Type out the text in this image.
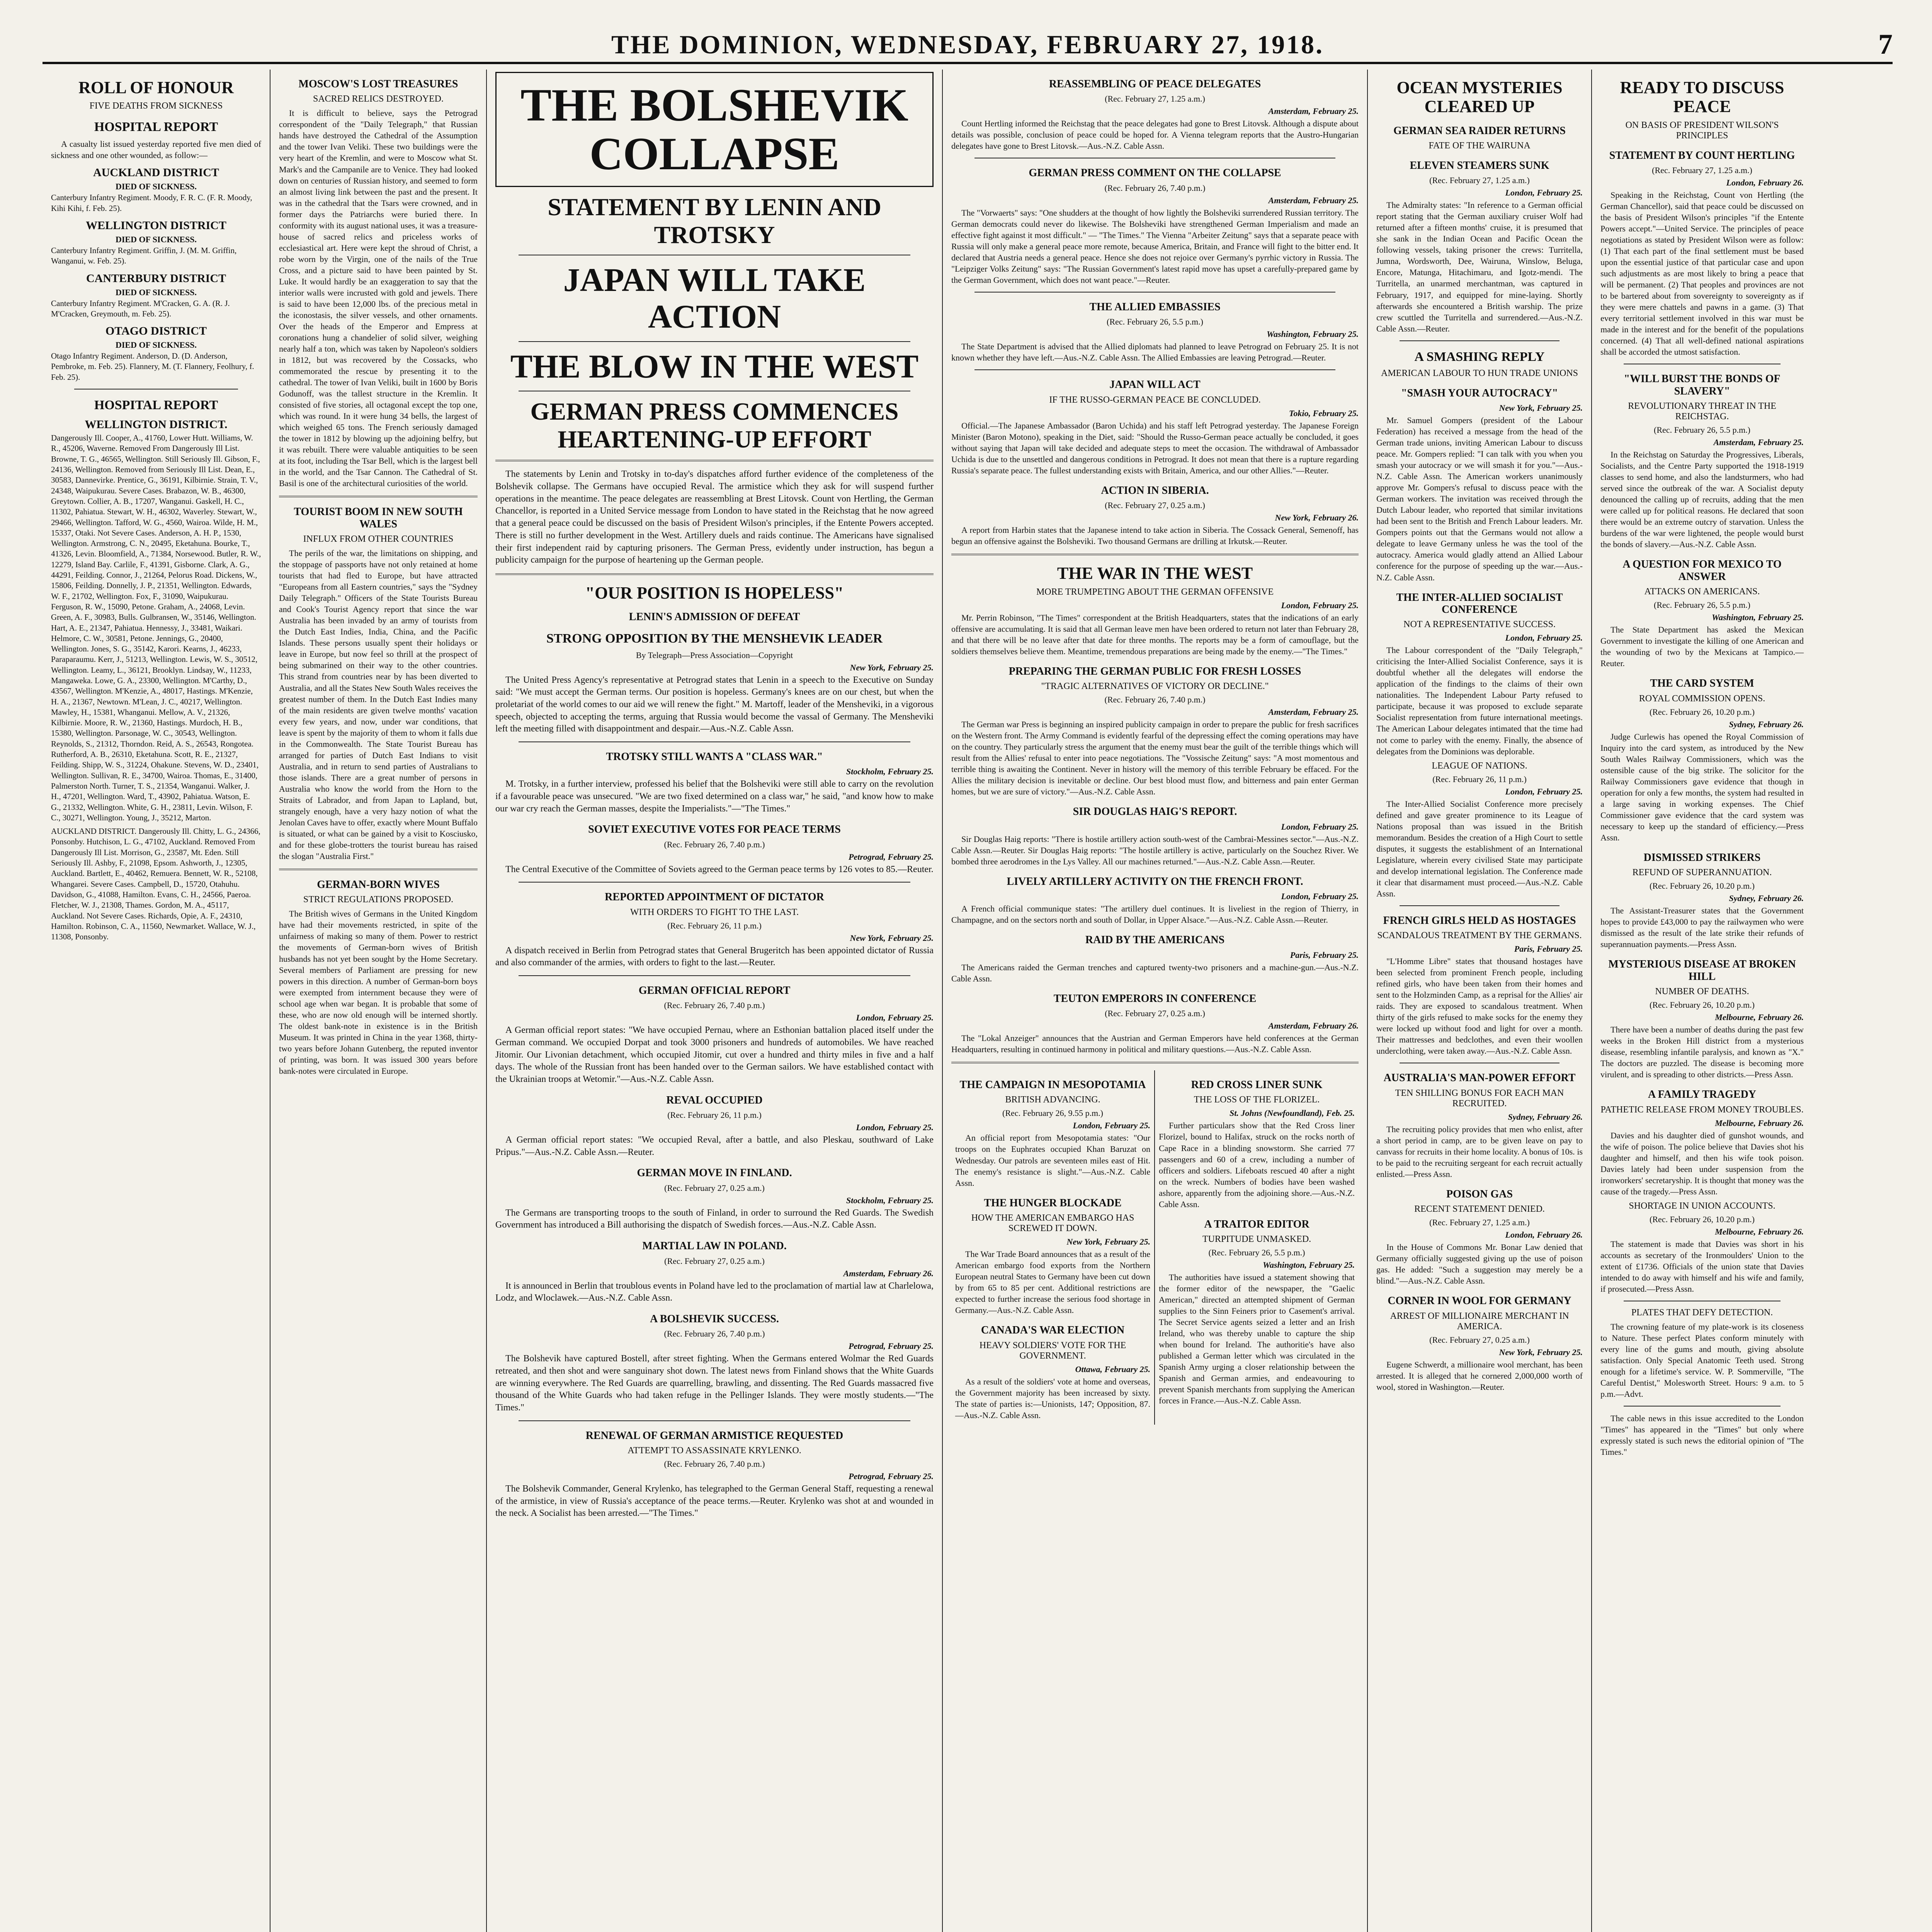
THE DOMINION, WEDNESDAY, FEBRUARY 27, 1918.	7
ROLL OF HONOUR
FIVE DEATHS FROM SICKNESS
HOSPITAL REPORT

A casualty list issued yesterday reported five men died of sickness and one other wounded, as follow:—

AUCKLAND DISTRICT
DIED OF SICKNESS.
Canterbury Infantry Regiment. Moody, F. R. C. (F. R. Moody, Kihi Kihi, f. Feb. 25).
WELLINGTON DISTRICT
DIED OF SICKNESS.
Canterbury Infantry Regiment. Griffin, J. (M. M. Griffin, Wanganui, w. Feb. 25).
CANTERBURY DISTRICT
DIED OF SICKNESS.
Canterbury Infantry Regiment. M'Cracken, G. A. (R. J. M'Cracken, Greymouth, m. Feb. 25).
OTAGO DISTRICT
DIED OF SICKNESS.
Otago Infantry Regiment. Anderson, D. (D. Anderson, Pembroke, m. Feb. 25). Flannery, M. (T. Flannery, Feolhury, f. Feb. 25).
HOSPITAL REPORT
WELLINGTON DISTRICT.
Dangerously Ill. Cooper, A., 41760, Lower Hutt. Williams, W. R., 45206, Waverne. Removed From Dangerously Ill List. Browne, T. G., 46565, Wellington. Still Seriously Ill. Gibson, F., 24136, Wellington. Removed from Seriously Ill List. Dean, E., 30583, Dannevirke. Prentice, G., 36191, Kilbirnie. Strain, T. V., 24348, Waipukurau. Severe Cases. Brabazon, W. B., 46300, Greytown. Collier, A. B., 17207, Wanganui. Gaskell, H. C., 11302, Pahiatua. Stewart, W. H., 46302, Waverley. Stewart, W., 29466, Wellington. Tafford, W. G., 4560, Wairoa. Wilde, H. M., 15337, Otaki. Not Severe Cases. Anderson, A. H. P., 1530, Wellington. Armstrong, C. N., 20495, Eketahuna. Bourke, T., 41326, Levin. Bloomfield, A., 71384, Norsewood. Butler, R. W., 12279, Island Bay. Carlile, F., 41391, Gisborne. Clark, A. G., 44291, Feilding. Connor, J., 21264, Pelorus Road. Dickens, W., 15806, Feilding. Donnelly, J. P., 21351, Wellington. Edwards, W. F., 21702, Wellington. Fox, F., 31090, Waipukurau. Ferguson, R. W., 15090, Petone. Graham, A., 24068, Levin. Green, A. F., 30983, Bulls. Gulbransen, W., 35146, Wellington. Hart, A. E., 21347, Pahiatua. Hennessy, J., 33481, Waikari. Helmore, C. W., 30581, Petone. Jennings, G., 20400, Wellington. Jones, S. G., 35142, Karori. Kearns, J., 46233, Paraparaumu. Kerr, J., 51213, Wellington. Lewis, W. S., 30512, Wellington. Leamy, L., 36121, Brooklyn. Lindsay, W., 11233, Mangaweka. Lowe, G. A., 23300, Wellington. M'Carthy, D., 43567, Wellington. M'Kenzie, A., 48017, Hastings. M'Kenzie, H. A., 21367, Newtown. M'Lean, J. C., 40217, Wellington. Mawley, H., 15381, Whanganui. Mellow, A. V., 21326, Kilbirnie. Moore, R. W., 21360, Hastings. Murdoch, H. B., 15380, Wellington. Parsonage, W. C., 30543, Wellington. Reynolds, S., 21312, Thorndon. Reid, A. S., 26543, Rongotea. Rutherford, A. B., 26310, Eketahuna. Scott, R. E., 21327, Feilding. Shipp, W. S., 31224, Ohakune. Stevens, W. D., 23401, Wellington. Sullivan, R. E., 34700, Wairoa. Thomas, E., 31400, Palmerston North. Turner, T. S., 21354, Wanganui. Walker, J. H., 47201, Wellington. Ward, T., 43902, Pahiatua. Watson, E. G., 21332, Wellington. White, G. H., 23811, Levin. Wilson, F. C., 30271, Wellington. Young, J., 35212, Marton.
AUCKLAND DISTRICT. Dangerously Ill. Chitty, L. G., 24366, Ponsonby. Hutchison, L. G., 47102, Auckland. Removed From Dangerously Ill List. Morrison, G., 23587, Mt. Eden. Still Seriously Ill. Ashby, F., 21098, Epsom. Ashworth, J., 12305, Auckland. Bartlett, E., 40462, Remuera. Bennett, W. R., 52108, Whangarei. Severe Cases. Campbell, D., 15720, Otahuhu. Davidson, G., 41088, Hamilton. Evans, C. H., 24566, Paeroa. Fletcher, W. J., 21308, Thames. Gordon, M. A., 45117, Auckland. Not Severe Cases. Richards, Opie, A. F., 24310, Hamilton. Robinson, C. A., 11560, Newmarket. Wallace, W. J., 11308, Ponsonby.
MOSCOW'S LOST TREASURES
SACRED RELICS DESTROYED.

It is difficult to believe, says the Petrograd correspondent of the "Daily Telegraph," that Russian hands have destroyed the Cathedral of the Assumption and the tower Ivan Veliki. These two buildings were the very heart of the Kremlin, and were to Moscow what St. Mark's and the Campanile are to Venice. They had looked down on centuries of Russian history, and seemed to form an almost living link between the past and the present. It was in the cathedral that the Tsars were crowned, and in former days the Patriarchs were buried there. In conformity with its august national uses, it was a treasure-house of sacred relics and priceless works of ecclesiastical art. Here were kept the shroud of Christ, a robe worn by the Virgin, one of the nails of the True Cross, and a picture said to have been painted by St. Luke. It would hardly be an exaggeration to say that the interior walls were incrusted with gold and jewels. There is said to have been 12,000 lbs. of the precious metal in the iconostasis, the silver vessels, and other ornaments. Over the heads of the Emperor and Empress at coronations hung a chandelier of solid silver, weighing nearly half a ton, which was taken by Napoleon's soldiers in 1812, but was recovered by the Cossacks, who commemorated the rescue by presenting it to the cathedral. The tower of Ivan Veliki, built in 1600 by Boris Godunoff, was the tallest structure in the Kremlin. It consisted of five stories, all octagonal except the top one, which was round. In it were hung 34 bells, the largest of which weighed 65 tons. The French seriously damaged the tower in 1812 by blowing up the adjoining belfry, but it was rebuilt. There were valuable antiquities to be seen at its foot, including the Tsar Bell, which is the largest bell in the world, and the Tsar Cannon. The Cathedral of St. Basil is one of the architectural curiosities of the world.

TOURIST BOOM IN NEW SOUTH WALES
INFLUX FROM OTHER COUNTRIES

The perils of the war, the limitations on shipping, and the stoppage of passports have not only retained at home tourists that had fled to Europe, but have attracted "Europeans from all Eastern countries," says the "Sydney Daily Telegraph." Officers of the State Tourists Bureau and Cook's Tourist Agency report that since the war Australia has been invaded by an army of tourists from the Dutch East Indies, India, China, and the Pacific Islands. These persons usually spent their holidays or leave in Europe, but now feel so thrill at the prospect of being submarined on their way to the other countries. This strand from countries near by has been diverted to Australia, and all the States New South Wales receives the greatest number of them. In the Dutch East Indies many of the main residents are given twelve months' vacation every few years, and now, under war conditions, that leave is spent by the majority of them to whom it falls due in the Commonwealth. The State Tourist Bureau has arranged for parties of Dutch East Indians to visit Australia, and in return to send parties of Australians to those islands. There are a great number of persons in Australia who know the world from the Horn to the Straits of Labrador, and from Japan to Lapland, but, strangely enough, have a very hazy notion of what the Jenolan Caves have to offer, exactly where Mount Buffalo is situated, or what can be gained by a visit to Kosciusko, and for these globe-trotters the tourist bureau has raised the slogan "Australia First."

GERMAN-BORN WIVES
STRICT REGULATIONS PROPOSED.

The British wives of Germans in the United Kingdom have had their movements restricted, in spite of the unfairness of making so many of them. Power to restrict the movements of German-born wives of British husbands has not yet been sought by the Home Secretary. Several members of Parliament are pressing for new powers in this direction. A number of German-born boys were exempted from internment because they were of school age when war began. It is probable that some of these, who are now old enough will be interned shortly. The oldest bank-note in existence is in the British Museum. It was printed in China in the year 1368, thirty-two years before Johann Gutenberg, the reputed inventor of printing, was born. It was issued 300 years before bank-notes were circulated in Europe.

THE BOLSHEVIK COLLAPSE
STATEMENT BY LENIN AND TROTSKY
JAPAN WILL TAKE ACTION
THE BLOW IN THE WEST
GERMAN PRESS COMMENCES HEARTENING-UP EFFORT

The statements by Lenin and Trotsky in to-day's dispatches afford further evidence of the completeness of the Bolshevik collapse. The Germans have occupied Reval. The armistice which they ask for will suspend further operations in the meantime. The peace delegates are reassembling at Brest Litovsk. Count von Hertling, the German Chancellor, is reported in a United Service message from London to have stated in the Reichstag that he now agreed that a general peace could be discussed on the basis of President Wilson's principles, if the Entente Powers accepted. There is still no further development in the West. Artillery duels and raids continue. The Americans have signalised their first independent raid by capturing prisoners. The German Press, evidently under instruction, has begun a publicity campaign for the purpose of heartening up the German people.

"OUR POSITION IS HOPELESS"
LENIN'S ADMISSION OF DEFEAT
STRONG OPPOSITION BY THE MENSHEVIK LEADER
By Telegraph—Press Association—Copyright
New York, February 25.

The United Press Agency's representative at Petrograd states that Lenin in a speech to the Executive on Sunday said: "We must accept the German terms. Our position is hopeless. Germany's knees are on our chest, but when the proletariat of the world comes to our aid we will renew the fight." M. Martoff, leader of the Mensheviki, in a vigorous speech, objected to accepting the terms, arguing that Russia would become the vassal of Germany. The Mensheviki left the meeting filled with disappointment and despair.—Aus.-N.Z. Cable Assn.

TROTSKY STILL WANTS A "CLASS WAR."
Stockholm, February 25.

M. Trotsky, in a further interview, professed his belief that the Bolsheviki were still able to carry on the revolution if a favourable peace was unsecured. "We are two fixed determined on a class war," he said, "and know how to make our war cry reach the German masses, despite the Imperialists."—"The Times."

SOVIET EXECUTIVE VOTES FOR PEACE TERMS
(Rec. February 26, 7.40 p.m.)
Petrograd, February 25.

The Central Executive of the Committee of Soviets agreed to the German peace terms by 126 votes to 85.—Reuter.

REPORTED APPOINTMENT OF DICTATOR
WITH ORDERS TO FIGHT TO THE LAST.
(Rec. February 26, 11 p.m.)
New York, February 25.

A dispatch received in Berlin from Petrograd states that General Brugeritch has been appointed dictator of Russia and also commander of the armies, with orders to fight to the last.—Reuter.

GERMAN OFFICIAL REPORT
(Rec. February 26, 7.40 p.m.)
London, February 25.

A German official report states: "We have occupied Pernau, where an Esthonian battalion placed itself under the German command. We occupied Dorpat and took 3000 prisoners and hundreds of automobiles. We have reached Jitomir. Our Livonian detachment, which occupied Jitomir, cut over a hundred and thirty miles in five and a half days. The whole of the Russian front has been handed over to the German sailors. We have established contact with the Ukrainian troops at Wetomir."—Aus.-N.Z. Cable Assn.

REVAL OCCUPIED
(Rec. February 26, 11 p.m.)
London, February 25.

A German official report states: "We occupied Reval, after a battle, and also Pleskau, southward of Lake Pripus."—Aus.-N.Z. Cable Assn.—Reuter.

GERMAN MOVE IN FINLAND.
(Rec. February 27, 0.25 a.m.)
Stockholm, February 25.

The Germans are transporting troops to the south of Finland, in order to surround the Red Guards. The Swedish Government has introduced a Bill authorising the dispatch of Swedish forces.—Aus.-N.Z. Cable Assn.

MARTIAL LAW IN POLAND.
(Rec. February 27, 0.25 a.m.)
Amsterdam, February 26.

It is announced in Berlin that troublous events in Poland have led to the proclamation of martial law at Charlelowa, Lodz, and Wloclawek.—Aus.-N.Z. Cable Assn.

A BOLSHEVIK SUCCESS.
(Rec. February 26, 7.40 p.m.)
Petrograd, February 25.

The Bolshevik have captured Bostell, after street fighting. When the Germans entered Wolmar the Red Guards retreated, and then shot and were sanguinary shot down. The latest news from Finland shows that the White Guards are winning everywhere. The Red Guards are quarrelling, brawling, and dissenting. The Red Guards massacred five thousand of the White Guards who had taken refuge in the Pellinger Islands. They were mostly students.—"The Times."

RENEWAL OF GERMAN ARMISTICE REQUESTED
ATTEMPT TO ASSASSINATE KRYLENKO.
(Rec. February 26, 7.40 p.m.)
Petrograd, February 25.

The Bolshevik Commander, General Krylenko, has telegraphed to the German General Staff, requesting a renewal of the armistice, in view of Russia's acceptance of the peace terms.—Reuter. Krylenko was shot at and wounded in the neck. A Socialist has been arrested.—"The Times."

REASSEMBLING OF PEACE DELEGATES
(Rec. February 27, 1.25 a.m.)
Amsterdam, February 25.

Count Hertling informed the Reichstag that the peace delegates had gone to Brest Litovsk. Although a dispute about details was possible, conclusion of peace could be hoped for. A Vienna telegram reports that the Austro-Hungarian delegates have gone to Brest Litovsk.—Aus.-N.Z. Cable Assn.

GERMAN PRESS COMMENT ON THE COLLAPSE
(Rec. February 26, 7.40 p.m.)
Amsterdam, February 25.

The "Vorwaerts" says: "One shudders at the thought of how lightly the Bolsheviki surrendered Russian territory. The German democrats could never do likewise. The Bolsheviki have strengthened German Imperialism and made an effective fight against it most difficult." — "The Times." The Vienna "Arbeiter Zeitung" says that a separate peace with Russia will only make a general peace more remote, because America, Britain, and France will fight to the bitter end. It declared that Austria needs a general peace. Hence she does not rejoice over Germany's pyrrhic victory in Russia. The "Leipziger Volks Zeitung" says: "The Russian Government's latest rapid move has upset a carefully-prepared game by the German Government, which does not want peace."—Reuter.

THE ALLIED EMBASSIES
(Rec. February 26, 5.5 p.m.)
Washington, February 25.

The State Department is advised that the Allied diplomats had planned to leave Petrograd on February 25. It is not known whether they have left.—Aus.-N.Z. Cable Assn. The Allied Embassies are leaving Petrograd.—Reuter.

JAPAN WILL ACT
IF THE RUSSO-GERMAN PEACE BE CONCLUDED.
Tokio, February 25.

Official.—The Japanese Ambassador (Baron Uchida) and his staff left Petrograd yesterday. The Japanese Foreign Minister (Baron Motono), speaking in the Diet, said: "Should the Russo-German peace actually be concluded, it goes without saying that Japan will take decided and adequate steps to meet the occasion. The withdrawal of Ambassador Uchida is due to the unsettled and dangerous conditions in Petrograd. It does not mean that there is a rupture regarding Russia's separate peace. The fullest understanding exists with Britain, America, and our other Allies."—Reuter.

ACTION IN SIBERIA.
(Rec. February 27, 0.25 a.m.)
New York, February 26.

A report from Harbin states that the Japanese intend to take action in Siberia. The Cossack General, Semenoff, has begun an offensive against the Bolsheviki. Two thousand Germans are drilling at Irkutsk.—Reuter.

THE WAR IN THE WEST
MORE TRUMPETING ABOUT THE GERMAN OFFENSIVE
London, February 25.

Mr. Perrin Robinson, "The Times" correspondent at the British Headquarters, states that the indications of an early offensive are accumulating. It is said that all German leave men have been ordered to return not later than February 28, and that there will be no leave after that date for three months. The reports may be a form of camouflage, but the soldiers themselves believe them. Meantime, tremendous preparations are being made by the enemy.—"The Times."

PREPARING THE GERMAN PUBLIC FOR FRESH LOSSES
"TRAGIC ALTERNATIVES OF VICTORY OR DECLINE."
(Rec. February 26, 7.40 p.m.)
Amsterdam, February 25.

The German war Press is beginning an inspired publicity campaign in order to prepare the public for fresh sacrifices on the Western front. The Army Command is evidently fearful of the depressing effect the coming operations may have on the country. They particularly stress the argument that the enemy must bear the guilt of the terrible things which will result from the Allies' refusal to enter into peace negotiations. The "Vossische Zeitung" says: "A most momentous and terrible thing is awaiting the Continent. Never in history will the memory of this terrible February be effaced. For the Allies the military decision is inevitable or decline. Our best blood must flow, and bitterness and pain enter German homes, but we are sure of victory."—Aus.-N.Z. Cable Assn.

SIR DOUGLAS HAIG'S REPORT.
London, February 25.

Sir Douglas Haig reports: "There is hostile artillery action south-west of the Cambrai-Messines sector."—Aus.-N.Z. Cable Assn.—Reuter. Sir Douglas Haig reports: "The hostile artillery is active, particularly on the Souchez River. We bombed three aerodromes in the Lys Valley. All our machines returned."—Aus.-N.Z. Cable Assn.—Reuter.

LIVELY ARTILLERY ACTIVITY ON THE FRENCH FRONT.
London, February 25.

A French official communique states: "The artillery duel continues. It is liveliest in the region of Thierry, in Champagne, and on the sectors north and south of Dollar, in Upper Alsace."—Aus.-N.Z. Cable Assn.—Reuter.

RAID BY THE AMERICANS
Paris, February 25.

The Americans raided the German trenches and captured twenty-two prisoners and a machine-gun.—Aus.-N.Z. Cable Assn.

TEUTON EMPERORS IN CONFERENCE
(Rec. February 27, 0.25 a.m.)
Amsterdam, February 26.

The "Lokal Anzeiger" announces that the Austrian and German Emperors have held conferences at the German Headquarters, resulting in continued harmony in political and military questions.—Aus.-N.Z. Cable Assn.

THE CAMPAIGN IN MESOPOTAMIA
BRITISH ADVANCING.
(Rec. February 26, 9.55 p.m.)
London, February 25.

An official report from Mesopotamia states: "Our troops on the Euphrates occupied Khan Baruzat on Wednesday. Our patrols are seventeen miles east of Hit. The enemy's resistance is slight."—Aus.-N.Z. Cable Assn.

THE HUNGER BLOCKADE
HOW THE AMERICAN EMBARGO HAS SCREWED IT DOWN.
New York, February 25.

The War Trade Board announces that as a result of the American embargo food exports from the Northern European neutral States to Germany have been cut down by from 65 to 85 per cent. Additional restrictions are expected to further increase the serious food shortage in Germany.—Aus.-N.Z. Cable Assn.

CANADA'S WAR ELECTION
HEAVY SOLDIERS' VOTE FOR THE GOVERNMENT.
Ottawa, February 25.

As a result of the soldiers' vote at home and overseas, the Government majority has been increased by sixty. The state of parties is:—Unionists, 147; Opposition, 87.—Aus.-N.Z. Cable Assn.

RED CROSS LINER SUNK
THE LOSS OF THE FLORIZEL.
St. Johns (Newfoundland), Feb. 25.

Further particulars show that the Red Cross liner Florizel, bound to Halifax, struck on the rocks north of Cape Race in a blinding snowstorm. She carried 77 passengers and 60 of a crew, including a number of officers and soldiers. Lifeboats rescued 40 after a night on the wreck. Numbers of bodies have been washed ashore, apparently from the adjoining shore.—Aus.-N.Z. Cable Assn.

A TRAITOR EDITOR
TURPITUDE UNMASKED.
(Rec. February 26, 5.5 p.m.)
Washington, February 25.

The authorities have issued a statement showing that the former editor of the newspaper, the "Gaelic American," directed an attempted shipment of German supplies to the Sinn Feiners prior to Casement's arrival. The Secret Service agents seized a letter and an Irish Ireland, who was thereby unable to capture the ship when bound for Ireland. The authoritie's have also published a German letter which was circulated in the Spanish Army urging a closer relationship between the Spanish and German armies, and endeavouring to prevent Spanish merchants from supplying the American forces in France.—Aus.-N.Z. Cable Assn.

OCEAN MYSTERIES CLEARED UP
GERMAN SEA RAIDER RETURNS
FATE OF THE WAIRUNA
ELEVEN STEAMERS SUNK
(Rec. February 27, 1.25 a.m.)
London, February 25.

The Admiralty states: "In reference to a German official report stating that the German auxiliary cruiser Wolf had returned after a fifteen months' cruise, it is presumed that she sank in the Indian Ocean and Pacific Ocean the following vessels, taking prisoner the crews: Turritella, Jumna, Wordsworth, Dee, Wairuna, Winslow, Beluga, Encore, Matunga, Hitachimaru, and Igotz-mendi. The Turritella, an unarmed merchantman, was captured in February, 1917, and equipped for mine-laying. Shortly afterwards she encountered a British warship. The prize crew scuttled the Turritella and surrendered.—Aus.-N.Z. Cable Assn.—Reuter.

A SMASHING REPLY
AMERICAN LABOUR TO HUN TRADE UNIONS
"SMASH YOUR AUTOCRACY"
New York, February 25.

Mr. Samuel Gompers (president of the Labour Federation) has received a message from the head of the German trade unions, inviting American Labour to discuss peace. Mr. Gompers replied: "I can talk with you when you smash your autocracy or we will smash it for you."—Aus.-N.Z. Cable Assn. The American workers unanimously approve Mr. Gompers's refusal to discuss peace with the German workers. The invitation was received through the Dutch Labour leader, who reported that similar invitations had been sent to the British and French Labour leaders. Mr. Gompers points out that the Germans would not allow a delegate to leave Germany unless he was the tool of the autocracy. America would gladly attend an Allied Labour conference for the purpose of speeding up the war.—Aus.-N.Z. Cable Assn.

THE INTER-ALLIED SOCIALIST CONFERENCE
NOT A REPRESENTATIVE SUCCESS.
London, February 25.

The Labour correspondent of the "Daily Telegraph," criticising the Inter-Allied Socialist Conference, says it is doubtful whether all the delegates will endorse the application of the findings to the claims of their own nationalities. The Independent Labour Party refused to participate, because it was proposed to exclude separate Socialist representation from future international meetings. The American Labour delegates intimated that the time had not come to parley with the enemy. Finally, the absence of delegates from the Dominions was deplorable.

LEAGUE OF NATIONS.
(Rec. February 26, 11 p.m.)
London, February 25.

The Inter-Allied Socialist Conference more precisely defined and gave greater prominence to its League of Nations proposal than was issued in the British memorandum. Besides the creation of a High Court to settle disputes, it suggests the establishment of an International Legislature, wherein every civilised State may participate and develop international legislation. The Conference made it clear that disarmament must proceed.—Aus.-N.Z. Cable Assn.

FRENCH GIRLS HELD AS HOSTAGES
SCANDALOUS TREATMENT BY THE GERMANS.
Paris, February 25.

"L'Homme Libre" states that thousand hostages have been selected from prominent French people, including refined girls, who have been taken from their homes and sent to the Holzminden Camp, as a reprisal for the Allies' air raids. They are exposed to scandalous treatment. When thirty of the girls refused to make socks for the enemy they were locked up without food and light for over a month. Their mattresses and bedclothes, and even their woollen underclothing, were taken away.—Aus.-N.Z. Cable Assn.

AUSTRALIA'S MAN-POWER EFFORT
TEN SHILLING BONUS FOR EACH MAN RECRUITED.
Sydney, February 26.

The recruiting policy provides that men who enlist, after a short period in camp, are to be given leave on pay to canvass for recruits in their home locality. A bonus of 10s. is to be paid to the recruiting sergeant for each recruit actually enlisted.—Press Assn.

POISON GAS
RECENT STATEMENT DENIED.
(Rec. February 27, 1.25 a.m.)
London, February 26.

In the House of Commons Mr. Bonar Law denied that Germany officially suggested giving up the use of poison gas. He added: "Such a suggestion may merely be a blind."—Aus.-N.Z. Cable Assn.

CORNER IN WOOL FOR GERMANY
ARREST OF MILLIONAIRE MERCHANT IN AMERICA.
(Rec. February 27, 0.25 a.m.)
New York, February 25.

Eugene Schwerdt, a millionaire wool merchant, has been arrested. It is alleged that he cornered 2,000,000 worth of wool, stored in Washington.—Reuter.

READY TO DISCUSS PEACE
ON BASIS OF PRESIDENT WILSON'S PRINCIPLES
STATEMENT BY COUNT HERTLING
(Rec. February 27, 1.25 a.m.)
London, February 26.

Speaking in the Reichstag, Count von Hertling (the German Chancellor), said that peace could be discussed on the basis of President Wilson's principles "if the Entente Powers accept."—United Service. The principles of peace negotiations as stated by President Wilson were as follow: (1) That each part of the final settlement must be based upon the essential justice of that particular case and upon such adjustments as are most likely to bring a peace that will be permanent. (2) That peoples and provinces are not to be bartered about from sovereignty to sovereignty as if they were mere chattels and pawns in a game. (3) That every territorial settlement involved in this war must be made in the interest and for the benefit of the populations concerned. (4) That all well-defined national aspirations shall be accorded the utmost satisfaction.

"WILL BURST THE BONDS OF SLAVERY"
REVOLUTIONARY THREAT IN THE REICHSTAG.
(Rec. February 26, 5.5 p.m.)
Amsterdam, February 25.

In the Reichstag on Saturday the Progressives, Liberals, Socialists, and the Centre Party supported the 1918-1919 classes to send home, and also the landsturmers, who had served since the outbreak of the war. A Socialist deputy denounced the calling up of recruits, adding that the men were called up for political reasons. He declared that soon there would be an extreme outcry of starvation. Unless the burdens of the war were lightened, the people would burst the bonds of slavery.—Aus.-N.Z. Cable Assn.

A QUESTION FOR MEXICO TO ANSWER
ATTACKS ON AMERICANS.
(Rec. February 26, 5.5 p.m.)
Washington, February 25.

The State Department has asked the Mexican Government to investigate the killing of one American and the wounding of two by the Mexicans at Tampico.—Reuter.

THE CARD SYSTEM
ROYAL COMMISSION OPENS.
(Rec. February 26, 10.20 p.m.)
Sydney, February 26.

Judge Curlewis has opened the Royal Commission of Inquiry into the card system, as introduced by the New South Wales Railway Commissioners, which was the ostensible cause of the big strike. The solicitor for the Railway Commissioners gave evidence that though in operation for only a few months, the system had resulted in a large saving in working expenses. The Chief Commissioner gave evidence that the card system was necessary to keep up the standard of efficiency.—Press Assn.

DISMISSED STRIKERS
REFUND OF SUPERANNUATION.
(Rec. February 26, 10.20 p.m.)
Sydney, February 26.

The Assistant-Treasurer states that the Government hopes to provide £43,000 to pay the railwaymen who were dismissed as the result of the late strike their refunds of superannuation payments.—Press Assn.

MYSTERIOUS DISEASE AT BROKEN HILL
NUMBER OF DEATHS.
(Rec. February 26, 10.20 p.m.)
Melbourne, February 26.

There have been a number of deaths during the past few weeks in the Broken Hill district from a mysterious disease, resembling infantile paralysis, and known as "X." The doctors are puzzled. The disease is becoming more virulent, and is spreading to other districts.—Press Assn.

A FAMILY TRAGEDY
PATHETIC RELEASE FROM MONEY TROUBLES.
Melbourne, February 26.

Davies and his daughter died of gunshot wounds, and the wife of poison. The police believe that Davies shot his daughter and himself, and then his wife took poison. Davies lately had been under suspension from the ironworkers' secretaryship. It is thought that money was the cause of the tragedy.—Press Assn.

SHORTAGE IN UNION ACCOUNTS.
(Rec. February 26, 10.20 p.m.)
Melbourne, February 26.

The statement is made that Davies was short in his accounts as secretary of the Ironmoulders' Union to the extent of £1736. Officials of the union state that Davies intended to do away with himself and his wife and family, if prosecuted.—Press Assn.

PLATES THAT DEFY DETECTION.

The crowning feature of my plate-work is its closeness to Nature. These perfect Plates conform minutely with every line of the gums and mouth, giving absolute satisfaction. Only Special Anatomic Teeth used. Strong enough for a lifetime's service. W. P. Sommerville, "The Careful Dentist," Molesworth Street. Hours: 9 a.m. to 5 p.m.—Advt.

The cable news in this issue accredited to the London "Times" has appeared in the "Times" but only where expressly stated is such news the editorial opinion of "The Times."
